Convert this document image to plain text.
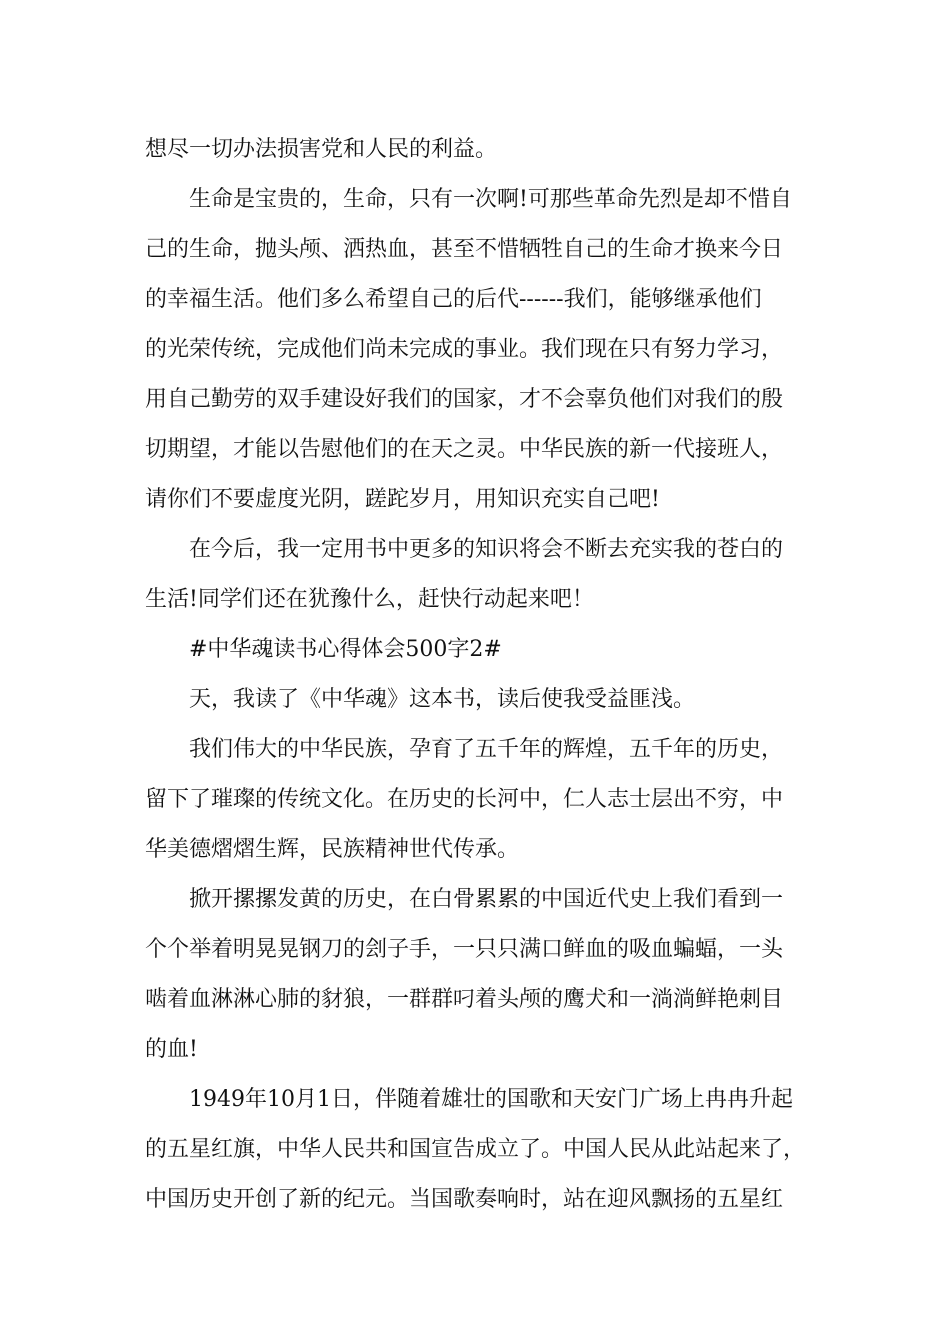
想尽一切办法损害党和人民的利益。
生命是宝贵的，生命，只有一次啊!可那些革命先烈是却不惜自
己的生命，抛头颅、洒热血，甚至不惜牺牲自己的生命才换来今日
的幸福生活。他们多么希望自己的后代------我们，能够继承他们
的光荣传统，完成他们尚未完成的事业。我们现在只有努力学习，
用自己勤劳的双手建设好我们的国家，才不会辜负他们对我们的殷
切期望，才能以告慰他们的在天之灵。中华民族的新一代接班人，
请你们不要虚度光阴，蹉跎岁月，用知识充实自己吧!
在今后，我一定用书中更多的知识将会不断去充实我的苍白的
生活!同学们还在犹豫什么，赶快行动起来吧！
#中华魂读书心得体会500字2#
天，我读了《中华魂》这本书，读后使我受益匪浅。
我们伟大的中华民族，孕育了五千年的辉煌，五千年的历史，
留下了璀璨的传统文化。在历史的长河中，仁人志士层出不穷，中
华美德熠熠生辉，民族精神世代传承。
掀开摞摞发黄的历史，在白骨累累的中国近代史上我们看到一
个个举着明晃晃钢刀的刽子手，一只只满口鲜血的吸血蝙蝠，一头
啮着血淋淋心肺的豺狼，一群群叼着头颅的鹰犬和一淌淌鲜艳刺目
的血!
1949年10月1日，伴随着雄壮的国歌和天安门广场上冉冉升起
的五星红旗，中华人民共和国宣告成立了。中国人民从此站起来了，
中国历史开创了新的纪元。当国歌奏响时，站在迎风飘扬的五星红
